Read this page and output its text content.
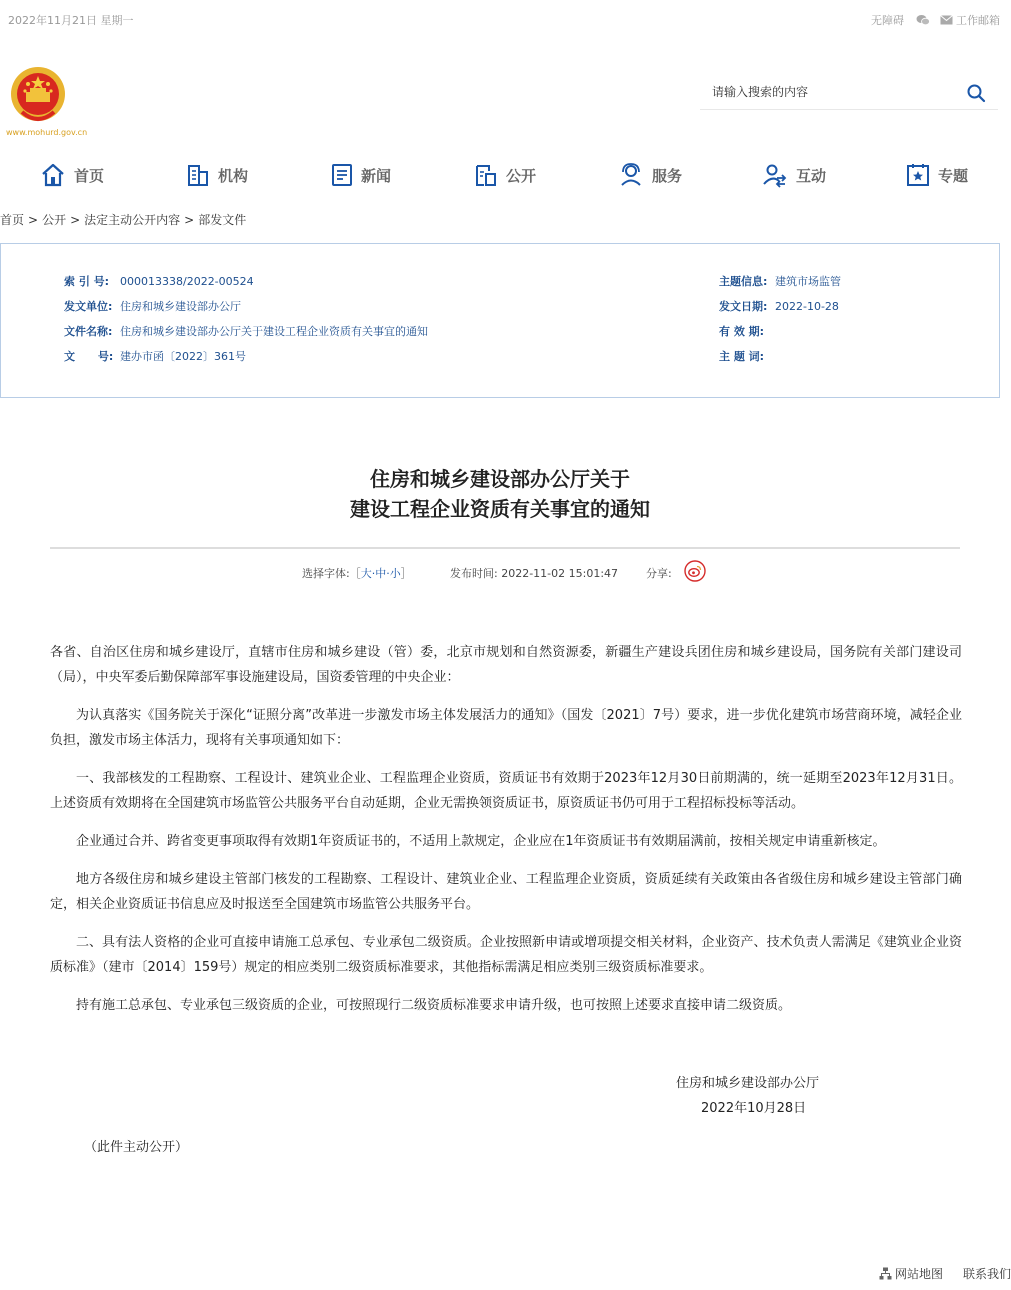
2022年11月21日 星期一	无障碍	工作邮箱
www.mohurd.gov.cn
请输入搜索的内容
首页	机构	新闻	公开	服务	互动	专题
首页 > 公开 > 法定主动公开内容 > 部发文件
索 引 号: 000013338/2022-00524
发文单位: 住房和城乡建设部办公厅
文件名称: 住房和城乡建设部办公厅关于建设工程企业资质有关事宜的通知
文 号: 建办市函〔2022〕361号
主题信息: 建筑市场监管
发文日期: 2022-10-28
有 效 期:
主 题 词:
住房和城乡建设部办公厅关于
建设工程企业资质有关事宜的通知
选择字体:［大·中·小］	发布时间: 2022-11-02 15:01:47	分享:

各省、自治区住房和城乡建设厅，直辖市住房和城乡建设（管）委，北京市规划和自然资源委，新疆生产建设兵团住房和城乡建设局，国务院有关部门建设司（局），中央军委后勤保障部军事设施建设局，国资委管理的中央企业：

为认真落实《国务院关于深化“证照分离”改革进一步激发市场主体发展活力的通知》（国发〔2021〕7号）要求，进一步优化建筑市场营商环境，减轻企业负担，激发市场主体活力，现将有关事项通知如下：

一、我部核发的工程勘察、工程设计、建筑业企业、工程监理企业资质，资质证书有效期于2023年12月30日前期满的，统一延期至2023年12月31日。上述资质有效期将在全国建筑市场监管公共服务平台自动延期，企业无需换领资质证书，原资质证书仍可用于工程招标投标等活动。

企业通过合并、跨省变更事项取得有效期1年资质证书的，不适用上款规定，企业应在1年资质证书有效期届满前，按相关规定申请重新核定。

地方各级住房和城乡建设主管部门核发的工程勘察、工程设计、建筑业企业、工程监理企业资质，资质延续有关政策由各省级住房和城乡建设主管部门确定，相关企业资质证书信息应及时报送至全国建筑市场监管公共服务平台。

二、具有法人资格的企业可直接申请施工总承包、专业承包二级资质。企业按照新申请或增项提交相关材料，企业资产、技术负责人需满足《建筑业企业资质标准》（建市〔2014〕159号）规定的相应类别二级资质标准要求，其他指标需满足相应类别三级资质标准要求。

持有施工总承包、专业承包三级资质的企业，可按照现行二级资质标准要求申请升级，也可按照上述要求直接申请二级资质。

住房和城乡建设部办公厅
2022年10月28日
（此件主动公开）
网站地图 联系我们
